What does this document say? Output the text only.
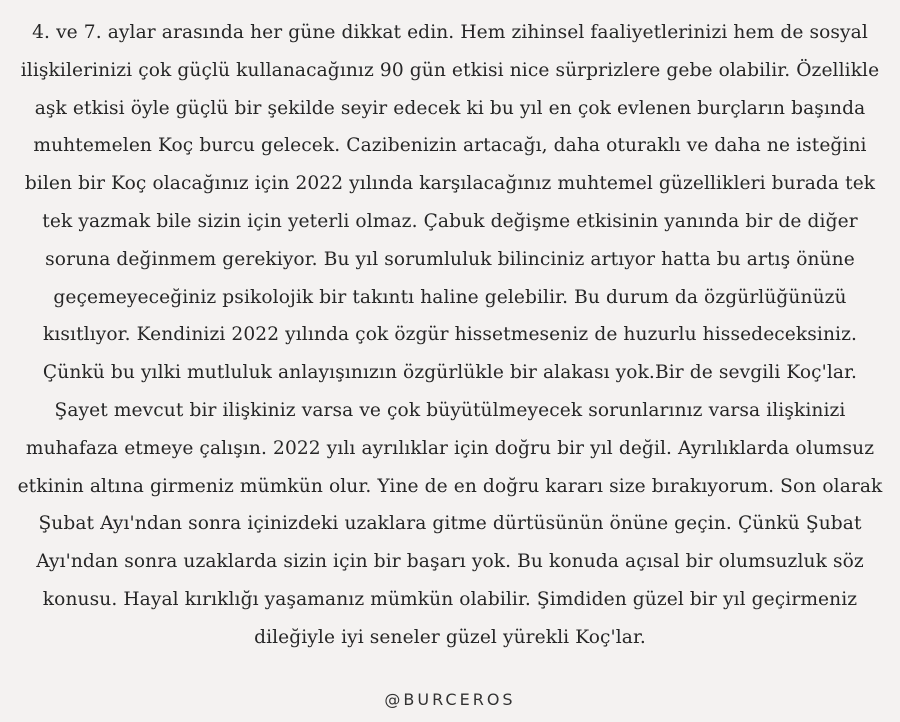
4. ve 7. aylar arasında her güne dikkat edin. Hem zihinsel faaliyetlerinizi hem de sosyal
ilişkilerinizi çok güçlü kullanacağınız 90 gün etkisi nice sürprizlere gebe olabilir. Özellikle
aşk etkisi öyle güçlü bir şekilde seyir edecek ki bu yıl en çok evlenen burçların başında
muhtemelen Koç burcu gelecek. Cazibenizin artacağı, daha oturaklı ve daha ne isteğini
bilen bir Koç olacağınız için 2022 yılında karşılacağınız muhtemel güzellikleri burada tek
tek yazmak bile sizin için yeterli olmaz. Çabuk değişme etkisinin yanında bir de diğer
soruna değinmem gerekiyor. Bu yıl sorumluluk bilinciniz artıyor hatta bu artış önüne
geçemeyeceğiniz psikolojik bir takıntı haline gelebilir. Bu durum da özgürlüğünüzü
kısıtlıyor. Kendinizi 2022 yılında çok özgür hissetmeseniz de huzurlu hissedeceksiniz.
Çünkü bu yılki mutluluk anlayışınızın özgürlükle bir alakası yok.Bir de sevgili Koç'lar.
Şayet mevcut bir ilişkiniz varsa ve çok büyütülmeyecek sorunlarınız varsa ilişkinizi
muhafaza etmeye çalışın. 2022 yılı ayrılıklar için doğru bir yıl değil. Ayrılıklarda olumsuz
etkinin altına girmeniz mümkün olur. Yine de en doğru kararı size bırakıyorum. Son olarak
Şubat Ayı'ndan sonra içinizdeki uzaklara gitme dürtüsünün önüne geçin. Çünkü Şubat
Ayı'ndan sonra uzaklarda sizin için bir başarı yok. Bu konuda açısal bir olumsuzluk söz
konusu. Hayal kırıklığı yaşamanız mümkün olabilir. Şimdiden güzel bir yıl geçirmeniz
dileğiyle iyi seneler güzel yürekli Koç'lar.
@BURCEROS
